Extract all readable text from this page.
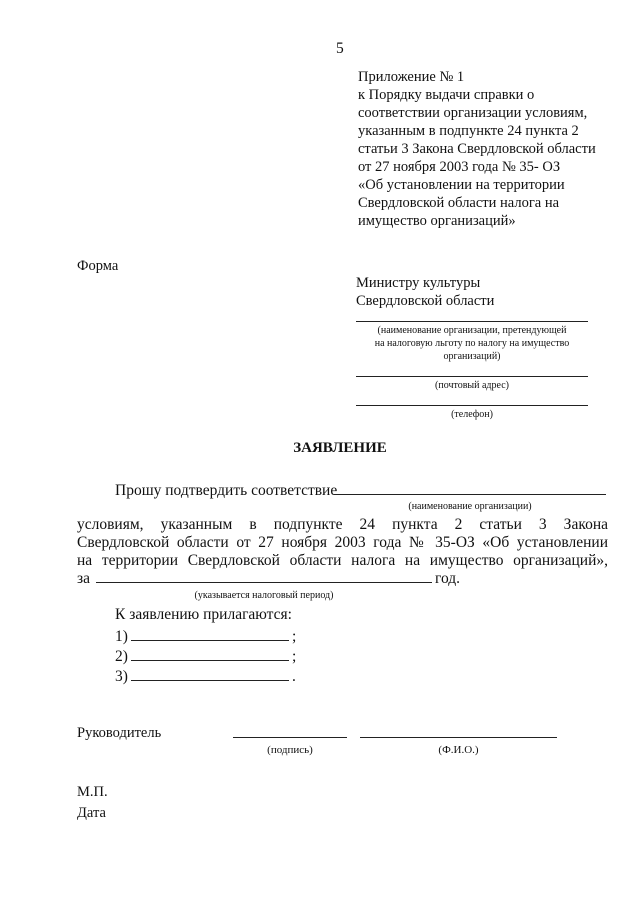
5
Приложение № 1
к Порядку выдачи справки о
соответствии организации условиям,
указанным в подпункте 24 пункта 2
статьи 3 Закона Свердловской области
от 27 ноября 2003 года № 35- ОЗ
«Об установлении на территории
Свердловской области налога на
имущество организаций»
Форма
Министру культуры
Свердловской области
(наименование организации, претендующей
на налоговую льготу по налогу на имущество
организаций)
(почтовый адрес)
(телефон)
ЗАЯВЛЕНИЕ
Прошу подтвердить соответствие
(наименование организации)
условиям, указанным в подпункте 24 пункта 2 статьи 3 Закона
Свердловской области от 27 ноября 2003 года № 35-ОЗ «Об установлении
на территории Свердловской области налога на имущество организаций»,
за	год.
(указывается налоговый период)
К заявлению прилагаются:
1)	;
2)	;
3)	.
Руководитель
(подпись)	(Ф.И.О.)
М.П.
Дата
